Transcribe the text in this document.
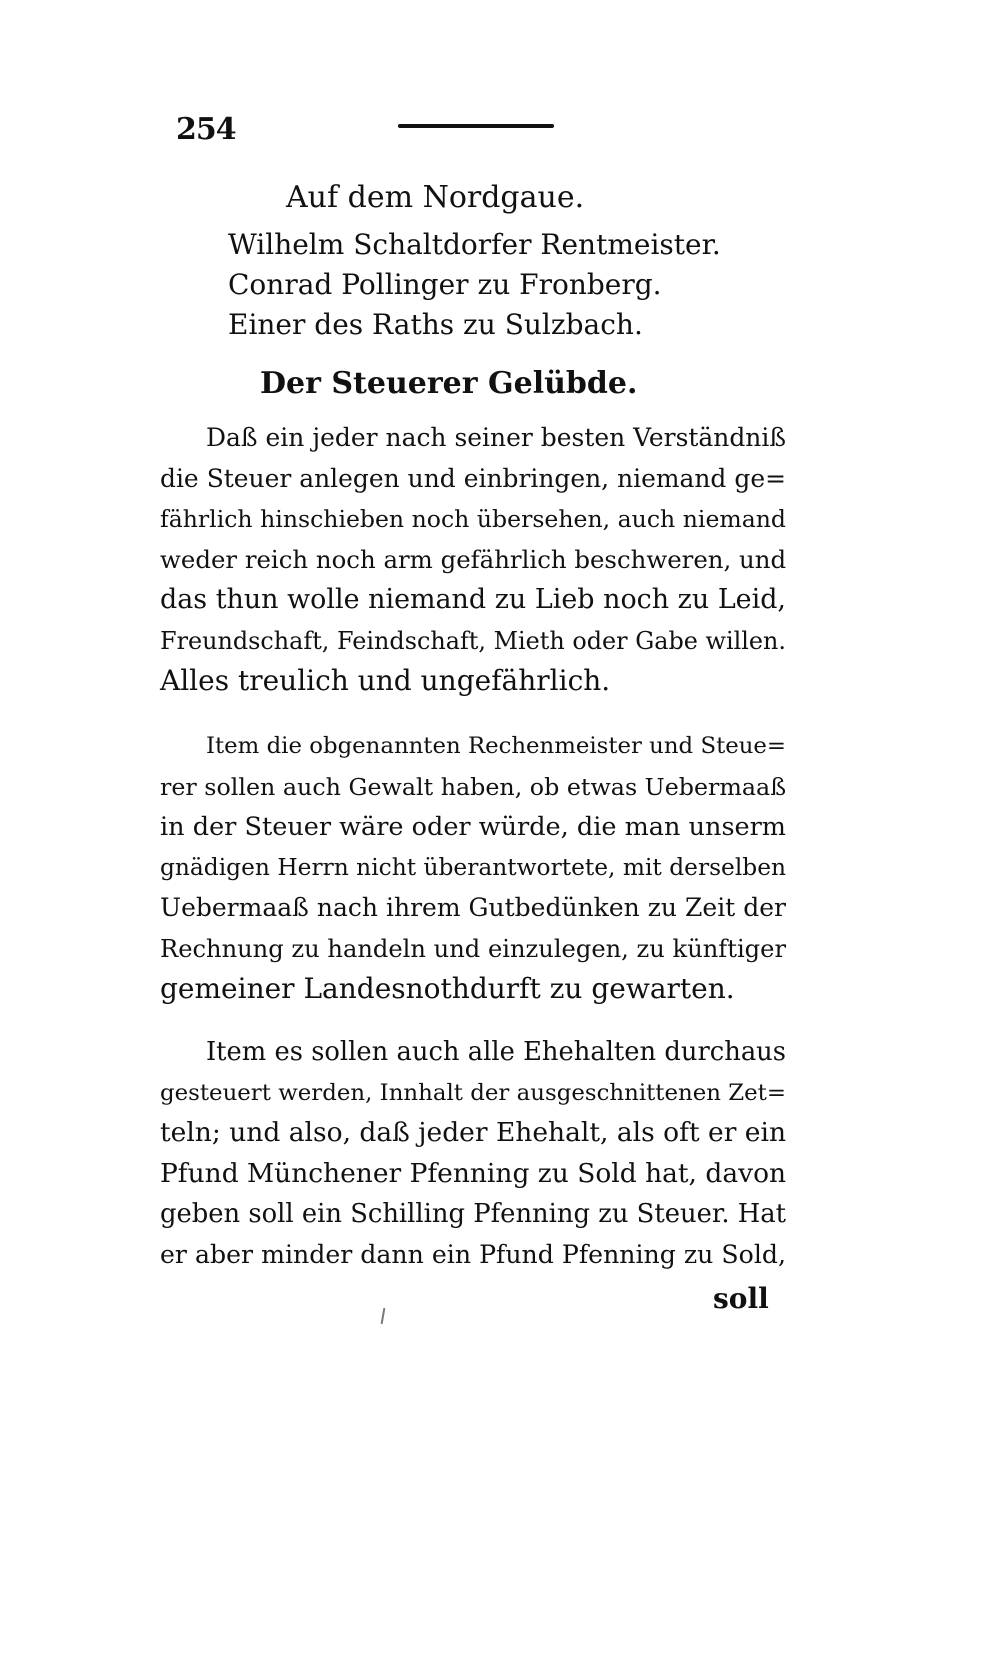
254
Auf dem Nordgaue.
Wilhelm Schaltdorfer Rentmeister.
Conrad Pollinger zu Fronberg.
Einer des Raths zu Sulzbach.
Der Steuerer Gelübde.
Daß ein jeder nach seiner besten Verständniß
die Steuer anlegen und einbringen, niemand ge=
fährlich hinschieben noch übersehen, auch niemand
weder reich noch arm gefährlich beschweren, und
das thun wolle niemand zu Lieb noch zu Leid,
Freundschaft, Feindschaft, Mieth oder Gabe willen.
Alles treulich und ungefährlich.
Item die obgenannten Rechenmeister und Steue=
rer sollen auch Gewalt haben, ob etwas Uebermaaß
in der Steuer wäre oder würde, die man unserm
gnädigen Herrn nicht überantwortete, mit derselben
Uebermaaß nach ihrem Gutbedünken zu Zeit der
Rechnung zu handeln und einzulegen, zu künftiger
gemeiner Landesnothdurft zu gewarten.
Item es sollen auch alle Ehehalten durchaus
gesteuert werden, Innhalt der ausgeschnittenen Zet=
teln; und also, daß jeder Ehehalt, als oft er ein
Pfund Münchener Pfenning zu Sold hat, davon
geben soll ein Schilling Pfenning zu Steuer. Hat
er aber minder dann ein Pfund Pfenning zu Sold,
soll
